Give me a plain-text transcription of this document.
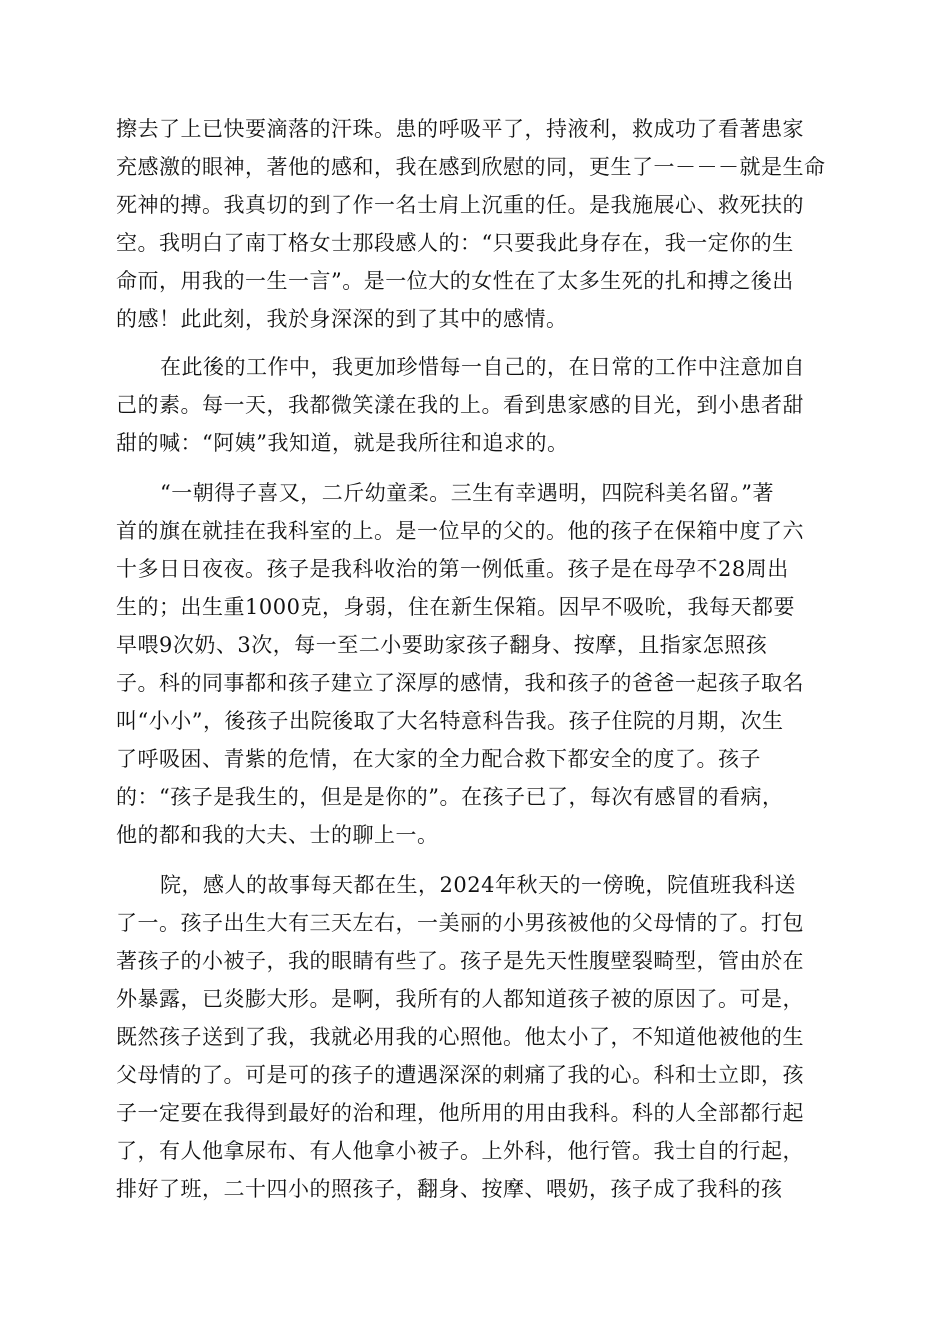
擦去了上已快要滴落的汗珠。患的呼吸平了，持液利，救成功了看著患家
充感激的眼神，著他的感和，我在感到欣慰的同，更生了一－－－就是生命
死神的搏。我真切的到了作一名士肩上沉重的任。是我施展心、救死扶的
空。我明白了南丁格女士那段感人的：“只要我此身存在，我一定你的生
命而，用我的一生一言”。是一位大的女性在了太多生死的扎和搏之後出
的感！此此刻，我於身深深的到了其中的感情。
在此後的工作中，我更加珍惜每一自己的，在日常的工作中注意加自
己的素。每一天，我都微笑漾在我的上。看到患家感的目光，到小患者甜
甜的喊：“阿姨”我知道，就是我所往和追求的。
“一朝得子喜又，二斤幼童柔。三生有幸遇明，四院科美名留。”著
首的旗在就挂在我科室的上。是一位早的父的。他的孩子在保箱中度了六
十多日日夜夜。孩子是我科收治的第一例低重。孩子是在母孕不28周出
生的；出生重1000克，身弱，住在新生保箱。因早不吸吮，我每天都要
早喂9次奶、3次，每一至二小要助家孩子翻身、按摩，且指家怎照孩
子。科的同事都和孩子建立了深厚的感情，我和孩子的爸爸一起孩子取名
叫“小小”，後孩子出院後取了大名特意科告我。孩子住院的月期，次生
了呼吸困、青紫的危情，在大家的全力配合救下都安全的度了。孩子
的：“孩子是我生的，但是是你的”。在孩子已了，每次有感冒的看病，
他的都和我的大夫、士的聊上一。
院，感人的故事每天都在生，2024年秋天的一傍晚，院值班我科送
了一。孩子出生大有三天左右，一美丽的小男孩被他的父母情的了。打包
著孩子的小被子，我的眼睛有些了。孩子是先天性腹壁裂畸型，管由於在
外暴露，已炎膨大形。是啊，我所有的人都知道孩子被的原因了。可是，
既然孩子送到了我，我就必用我的心照他。他太小了，不知道他被他的生
父母情的了。可是可的孩子的遭遇深深的刺痛了我的心。科和士立即，孩
子一定要在我得到最好的治和理，他所用的用由我科。科的人全部都行起
了，有人他拿尿布、有人他拿小被子。上外科，他行管。我士自的行起，
排好了班，二十四小的照孩子，翻身、按摩、喂奶，孩子成了我科的孩
